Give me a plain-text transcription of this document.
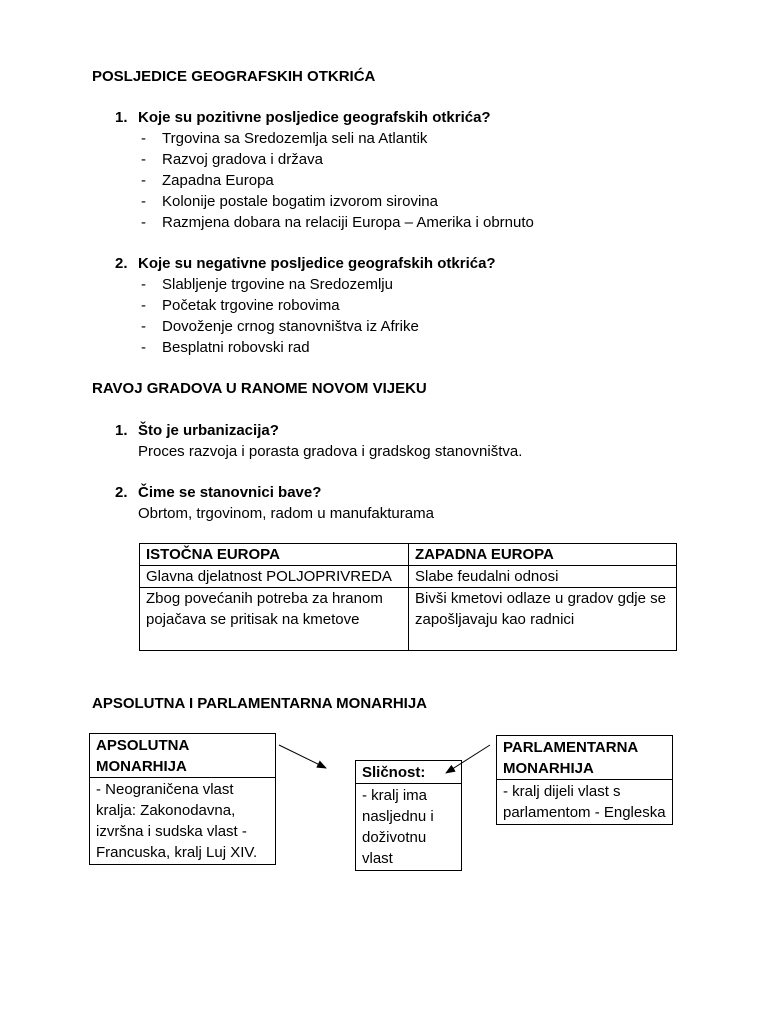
POSLJEDICE GEOGRAFSKIH OTKRIĆA
1. Koje su pozitivne posljedice geografskih otkrića?
- Trgovina sa Sredozemlja seli na Atlantik
- Razvoj gradova i država
- Zapadna Europa
- Kolonije postale bogatim izvorom sirovina
- Razmjena dobara na relaciji Europa – Amerika i obrnuto
2. Koje su negativne posljedice geografskih otkrića?
- Slabljenje trgovine na Sredozemlju
- Početak trgovine robovima
- Dovoženje crnog stanovništva iz Afrike
- Besplatni robovski rad
RAVOJ GRADOVA U RANOME NOVOM VIJEKU
1. Što je urbanizacija?
Proces razvoja i porasta gradova i gradskog stanovništva.
2. Čime se stanovnici bave?
Obrtom, trgovinom, radom u manufakturama
ISTOČNA EUROPA	ZAPADNA EUROPA
Glavna djelatnost POLJOPRIVREDA	Slabe feudalni odnosi
Zbog povećanih potreba za hranom pojačava se pritisak na kmetove	Bivši kmetovi odlaze u gradov gdje se zapošljavaju kao radnici
APSOLUTNA I PARLAMENTARNA MONARHIJA
APSOLUTNA MONARHIJA
- Neograničena vlast kralja: Zakonodavna, izvršna i sudska vlast - Francuska, kralj Luj XIV.
Sličnost:
- kralj ima nasljednu i doživotnu vlast
PARLAMENTARNA MONARHIJA
- kralj dijeli vlast s parlamentom - Engleska
